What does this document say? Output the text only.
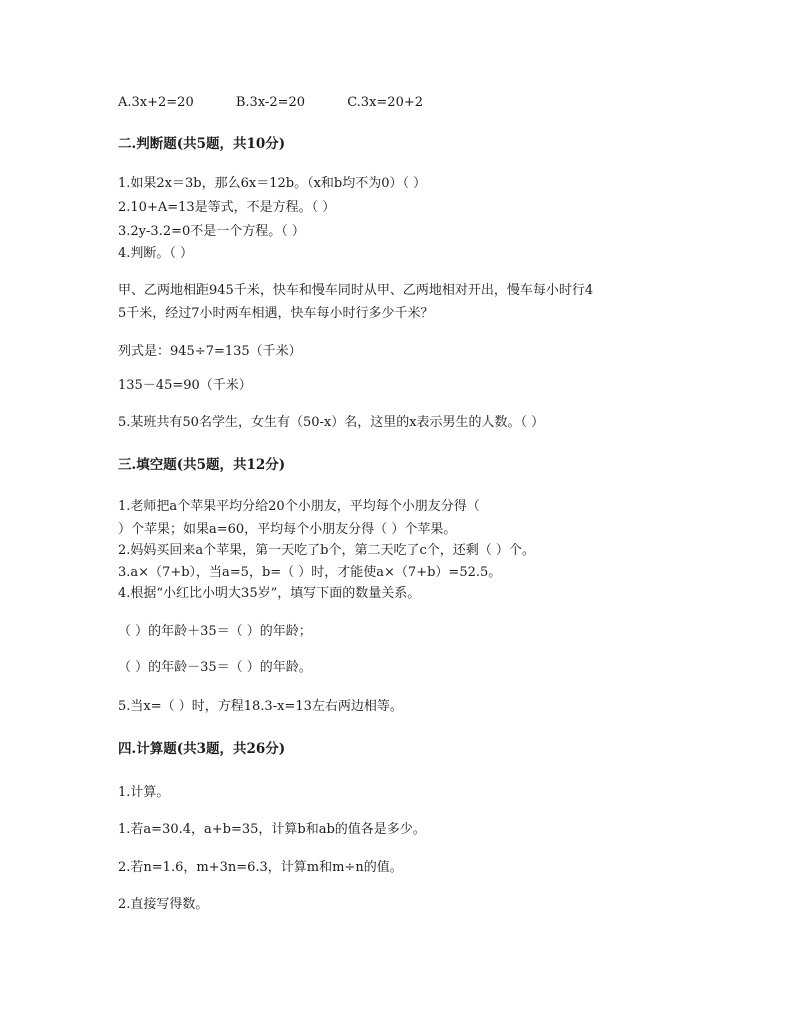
A.3x+2=20	B.3x-2=20	C.3x=20+2
二.判断题(共5题，共10分)
1.如果2x＝3b，那么6x＝12b。（x和b均不为0）（ ）
2.10+A=13是等式，不是方程。（ ）
3.2y-3.2=0不是一个方程。（ ）
4.判断。（ ）
甲、乙两地相距945千米，快车和慢车同时从甲、乙两地相对开出，慢车每小时行4
5千米，经过7小时两车相遇，快车每小时行多少千米？
列式是：945÷7=135（千米）
135－45=90（千米）
5.某班共有50名学生，女生有（50-x）名，这里的x表示男生的人数。（ ）
三.填空题(共5题，共12分)
1.老师把a个苹果平均分给20个小朋友，平均每个小朋友分得（
）个苹果；如果a=60，平均每个小朋友分得（ ）个苹果。
2.妈妈买回来a个苹果，第一天吃了b个，第二天吃了c个，还剩（ ）个。
3.a×（7+b），当a=5，b=（ ）时，才能使a×（7+b）=52.5。
4.根据“小红比小明大35岁”，填写下面的数量关系。
（ ）的年龄＋35＝（ ）的年龄；
（ ）的年龄－35＝（ ）的年龄。
5.当x=（ ）时，方程18.3-x=13左右两边相等。
四.计算题(共3题，共26分)
1.计算。
1.若a=30.4，a+b=35，计算b和ab的值各是多少。
2.若n=1.6，m+3n=6.3，计算m和m÷n的值。
2.直接写得数。
